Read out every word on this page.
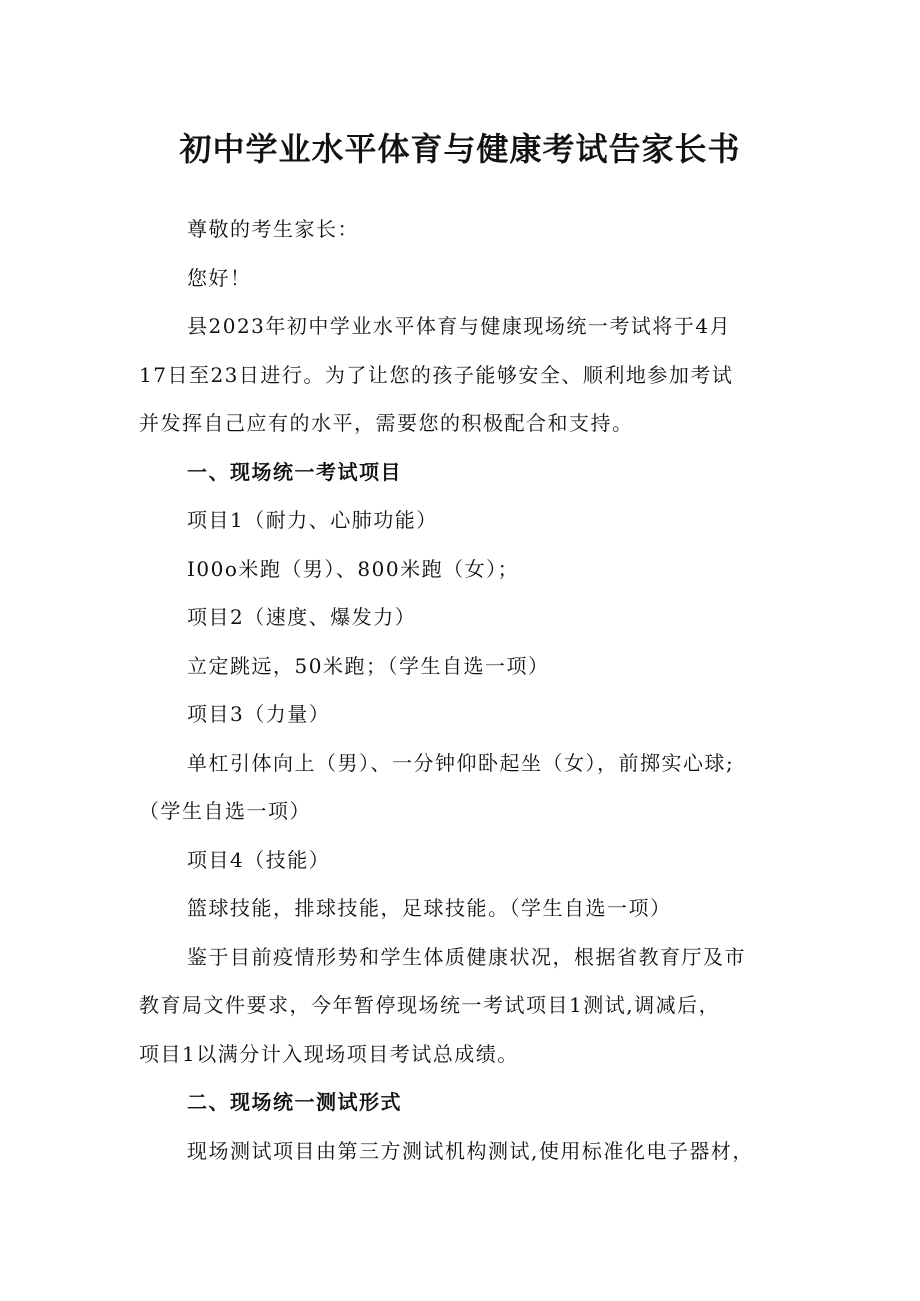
初中学业水平体育与健康考试告家长书
尊敬的考生家长：
您好！
县2023年初中学业水平体育与健康现场统一考试将于4月
17日至23日进行。为了让您的孩子能够安全、顺利地参加考试
并发挥自己应有的水平，需要您的积极配合和支持。
一、现场统一考试项目
项目1（耐力、心肺功能）
I00o米跑（男）、800米跑（女）；
项目2（速度、爆发力）
立定跳远，50米跑；（学生自选一项）
项目3（力量）
单杠引体向上（男）、一分钟仰卧起坐（女），前掷实心球;
（学生自选一项）
项目4（技能）
篮球技能，排球技能，足球技能。（学生自选一项）
鉴于目前疫情形势和学生体质健康状况，根据省教育厅及市
教育局文件要求，今年暂停现场统一考试项目1测试,调减后，
项目1以满分计入现场项目考试总成绩。
二、现场统一测试形式
现场测试项目由第三方测试机构测试,使用标准化电子器材，
